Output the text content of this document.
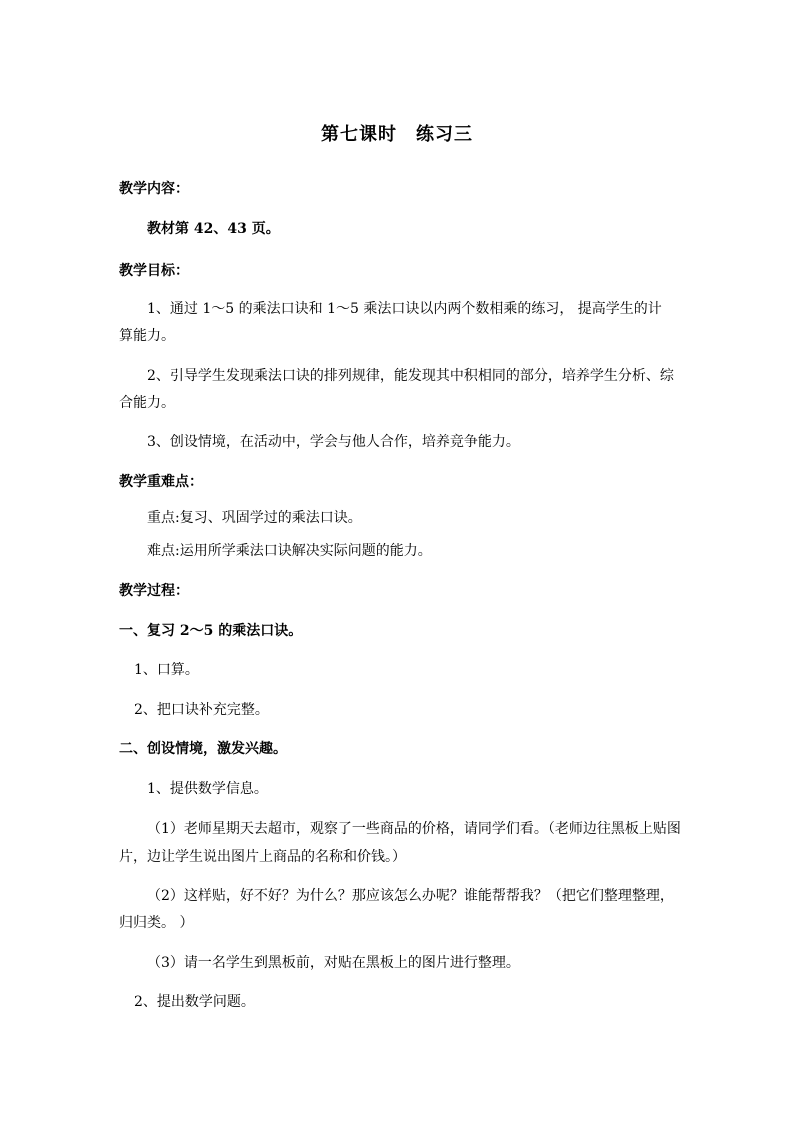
第七课时　练习三
教学内容：
教材第 42、43 页。
教学目标：
1、通过 1～5 的乘法口诀和 1～5 乘法口诀以内两个数相乘的练习， 提高学生的计
算能力。
2、引导学生发现乘法口诀的排列规律，能发现其中积相同的部分，培养学生分析、综
合能力。
3、创设情境，在活动中，学会与他人合作，培养竞争能力。
教学重难点：
重点:复习、巩固学过的乘法口诀。
难点:运用所学乘法口诀解决实际问题的能力。
教学过程：
一、复习 2～5 的乘法口诀。
1、口算。
2、把口诀补充完整。
二、创设情境，激发兴趣。
1、提供数学信息。
（1）老师星期天去超市，观察了一些商品的价格，请同学们看。（老师边往黑板上贴图
片，边让学生说出图片上商品的名称和价钱。）
（2）这样贴，好不好？为什么？那应该怎么办呢？谁能帮帮我？（把它们整理整理，
归归类。 ）
（3）请一名学生到黑板前，对贴在黑板上的图片进行整理。
2、提出数学问题。
